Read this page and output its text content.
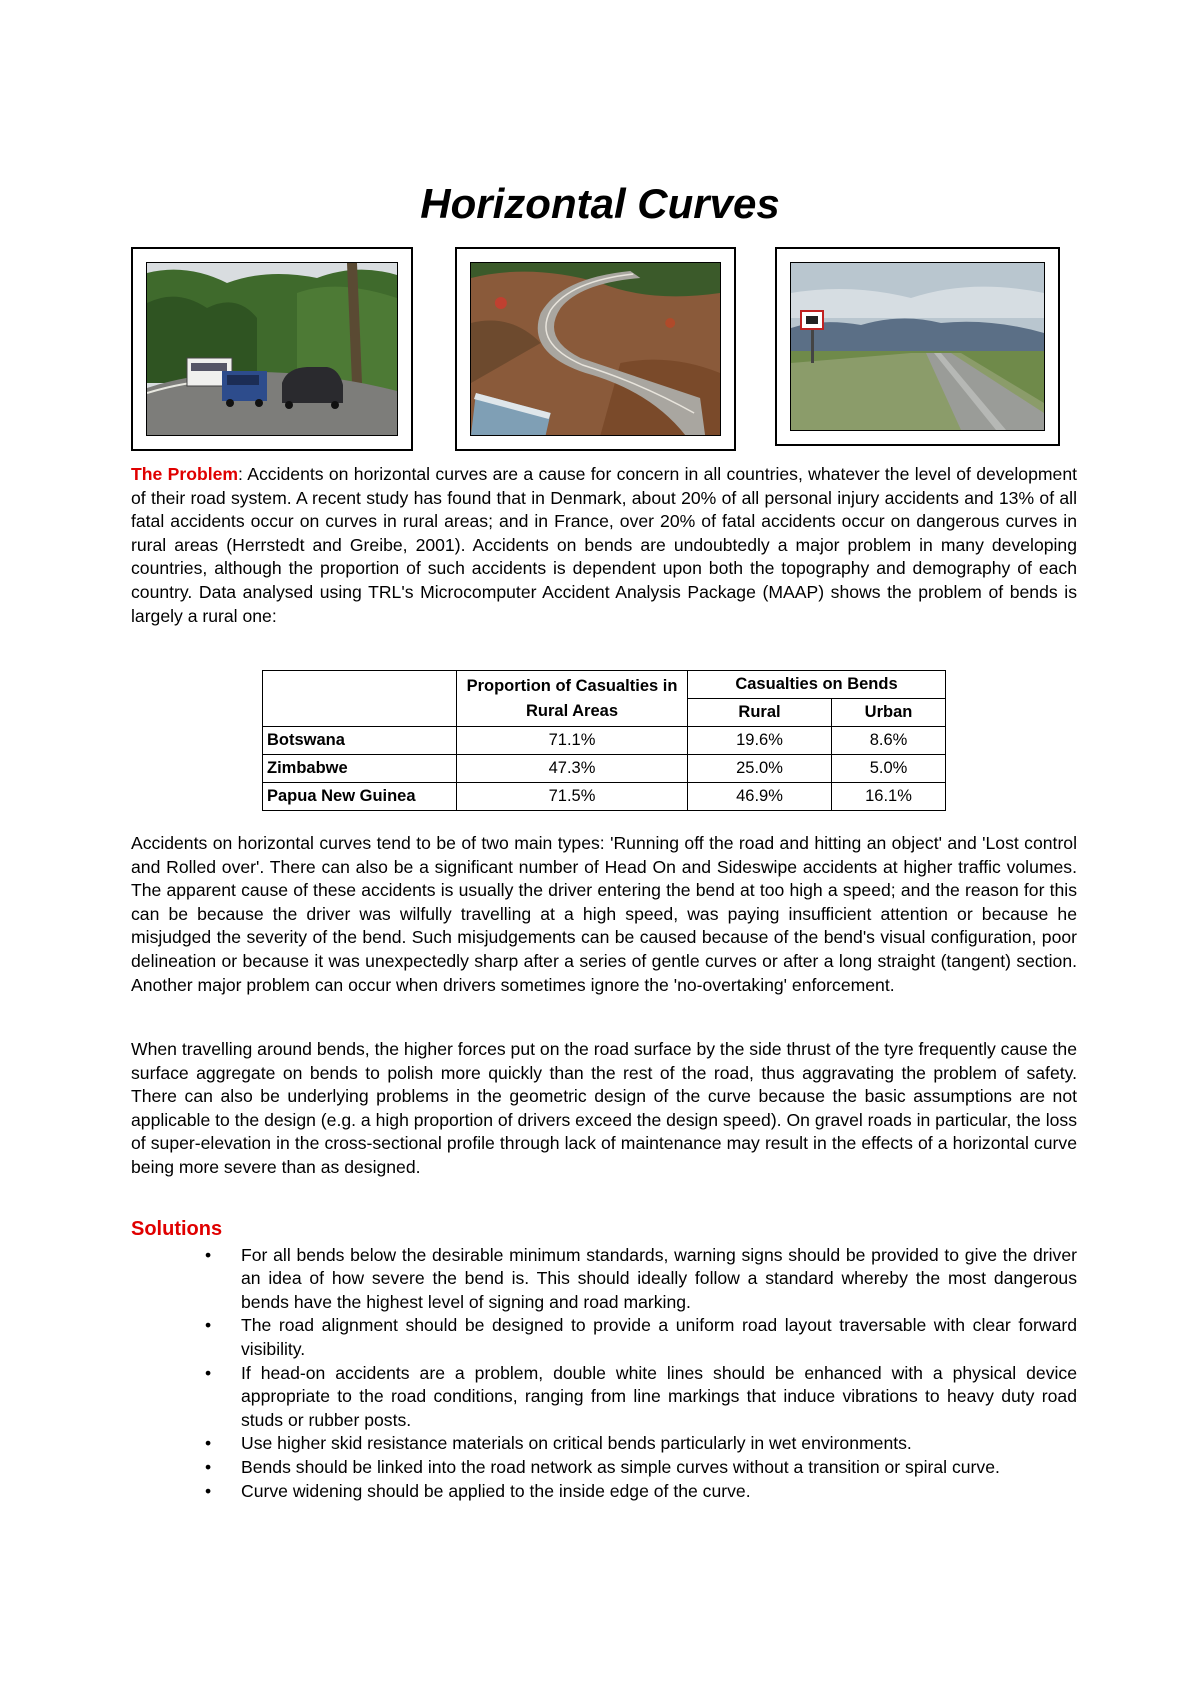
Horizontal Curves

The Problem: Accidents on horizontal curves are a cause for concern in all countries, whatever the level of development of their road system. A recent study has found that in Denmark, about 20% of all personal injury accidents and 13% of all fatal accidents occur on curves in rural areas; and in France, over 20% of fatal accidents occur on dangerous curves in rural areas (Herrstedt and Greibe, 2001). Accidents on bends are undoubtedly a major problem in many developing countries, although the proportion of such accidents is dependent upon both the topography and demography of each country. Data analysed using TRL's Microcomputer Accident Analysis Package (MAAP) shows the problem of bends is largely a rural one:

	Proportion of Casualties in Rural Areas	Casualties on Bends	
		Rural	Urban
Botswana	71.1%	19.6%	8.6%
Zimbabwe	47.3%	25.0%	5.0%
Papua New Guinea	71.5%	46.9%	16.1%

Accidents on horizontal curves tend to be of two main types: 'Running off the road and hitting an object' and 'Lost control and Rolled over'. There can also be a significant number of Head On and Sideswipe accidents at higher traffic volumes. The apparent cause of these accidents is usually the driver entering the bend at too high a speed; and the reason for this can be because the driver was wilfully travelling at a high speed, was paying insufficient attention or because he misjudged the severity of the bend. Such misjudgements can be caused because of the bend's visual configuration, poor delineation or because it was unexpectedly sharp after a series of gentle curves or after a long straight (tangent) section. Another major problem can occur when drivers sometimes ignore the 'no-overtaking' enforcement.

When travelling around bends, the higher forces put on the road surface by the side thrust of the tyre frequently cause the surface aggregate on bends to polish more quickly than the rest of the road, thus aggravating the problem of safety. There can also be underlying problems in the geometric design of the curve because the basic assumptions are not applicable to the design (e.g. a high proportion of drivers exceed the design speed). On gravel roads in particular, the loss of super-elevation in the cross-sectional profile through lack of maintenance may result in the effects of a horizontal curve being more severe than as designed.

Solutions
• For all bends below the desirable minimum standards, warning signs should be provided to give the driver an idea of how severe the bend is. This should ideally follow a standard whereby the most dangerous bends have the highest level of signing and road marking.
• The road alignment should be designed to provide a uniform road layout traversable with clear forward visibility.
• If head-on accidents are a problem, double white lines should be enhanced with a physical device appropriate to the road conditions, ranging from line markings that induce vibrations to heavy duty road studs or rubber posts.
• Use higher skid resistance materials on critical bends particularly in wet environments.
• Bends should be linked into the road network as simple curves without a transition or spiral curve.
• Curve widening should be applied to the inside edge of the curve.
